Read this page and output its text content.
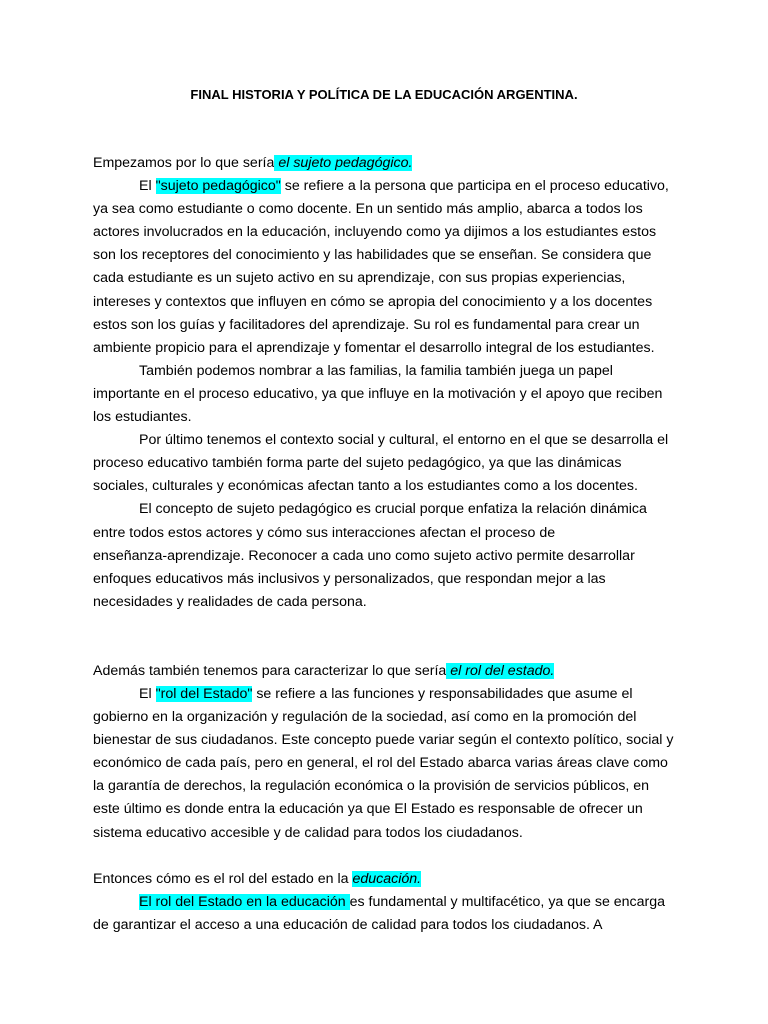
FINAL HISTORIA Y POLÍTICA DE LA EDUCACIÓN ARGENTINA.

Empezamos por lo que sería el sujeto pedagógico.

El "sujeto pedagógico" se refiere a la persona que participa en el proceso educativo,

ya sea como estudiante o como docente. En un sentido más amplio, abarca a todos los

actores involucrados en la educación, incluyendo como ya dijimos a los estudiantes estos

son los receptores del conocimiento y las habilidades que se enseñan. Se considera que

cada estudiante es un sujeto activo en su aprendizaje, con sus propias experiencias,

intereses y contextos que influyen en cómo se apropia del conocimiento y a los docentes

estos son los guías y facilitadores del aprendizaje. Su rol es fundamental para crear un

ambiente propicio para el aprendizaje y fomentar el desarrollo integral de los estudiantes.

También podemos nombrar a las familias, la familia también juega un papel

importante en el proceso educativo, ya que influye en la motivación y el apoyo que reciben

los estudiantes.

Por último tenemos el contexto social y cultural, el entorno en el que se desarrolla el

proceso educativo también forma parte del sujeto pedagógico, ya que las dinámicas

sociales, culturales y económicas afectan tanto a los estudiantes como a los docentes.

El concepto de sujeto pedagógico es crucial porque enfatiza la relación dinámica

entre todos estos actores y cómo sus interacciones afectan el proceso de

enseñanza-aprendizaje. Reconocer a cada uno como sujeto activo permite desarrollar

enfoques educativos más inclusivos y personalizados, que respondan mejor a las

necesidades y realidades de cada persona.

Además también tenemos para caracterizar lo que sería el rol del estado.

El "rol del Estado" se refiere a las funciones y responsabilidades que asume el

gobierno en la organización y regulación de la sociedad, así como en la promoción del

bienestar de sus ciudadanos. Este concepto puede variar según el contexto político, social y

económico de cada país, pero en general, el rol del Estado abarca varias áreas clave como

la garantía de derechos, la regulación económica o la provisión de servicios públicos, en

este último es donde entra la educación ya que El Estado es responsable de ofrecer un

sistema educativo accesible y de calidad para todos los ciudadanos.

Entonces cómo es el rol del estado en la educación.

El rol del Estado en la educación es fundamental y multifacético, ya que se encarga

de garantizar el acceso a una educación de calidad para todos los ciudadanos. A
